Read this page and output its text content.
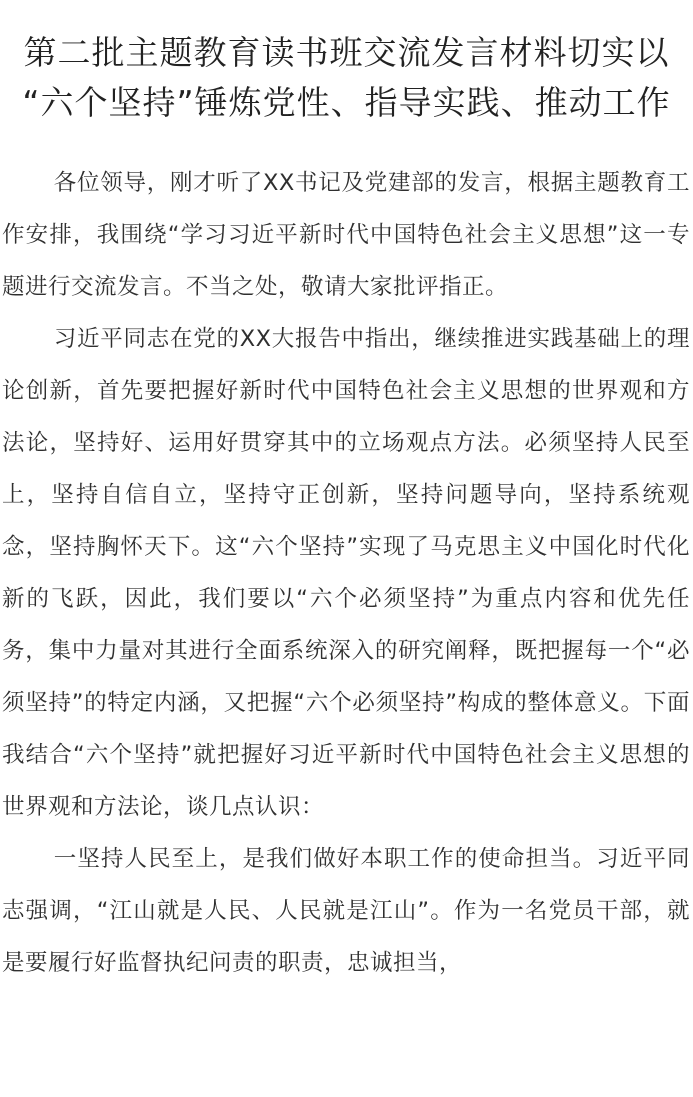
第二批主题教育读书班交流发言材料切实以
“六个坚持”锤炼党性、指导实践、推动工作

各位领导，刚才听了XX书记及党建部的发言，根据主题教育工作安排，我围绕“学习习近平新时代中国特色社会主义思想”这一专题进行交流发言。不当之处，敬请大家批评指正。

习近平同志在党的XX大报告中指出，继续推进实践基础上的理论创新，首先要把握好新时代中国特色社会主义思想的世界观和方法论，坚持好、运用好贯穿其中的立场观点方法。必须坚持人民至上，坚持自信自立，坚持守正创新，坚持问题导向，坚持系统观念，坚持胸怀天下。这“六个坚持”实现了马克思主义中国化时代化新的飞跃，因此，我们要以“六个必须坚持”为重点内容和优先任务，集中力量对其进行全面系统深入的研究阐释，既把握每一个“必须坚持”的特定内涵，又把握“六个必须坚持”构成的整体意义。下面我结合“六个坚持”就把握好习近平新时代中国特色社会主义思想的世界观和方法论，谈几点认识：

一坚持人民至上，是我们做好本职工作的使命担当。习近平同志强调，“江山就是人民、人民就是江山”。作为一名党员干部，就是要履行好监督执纪问责的职责，忠诚担当，
